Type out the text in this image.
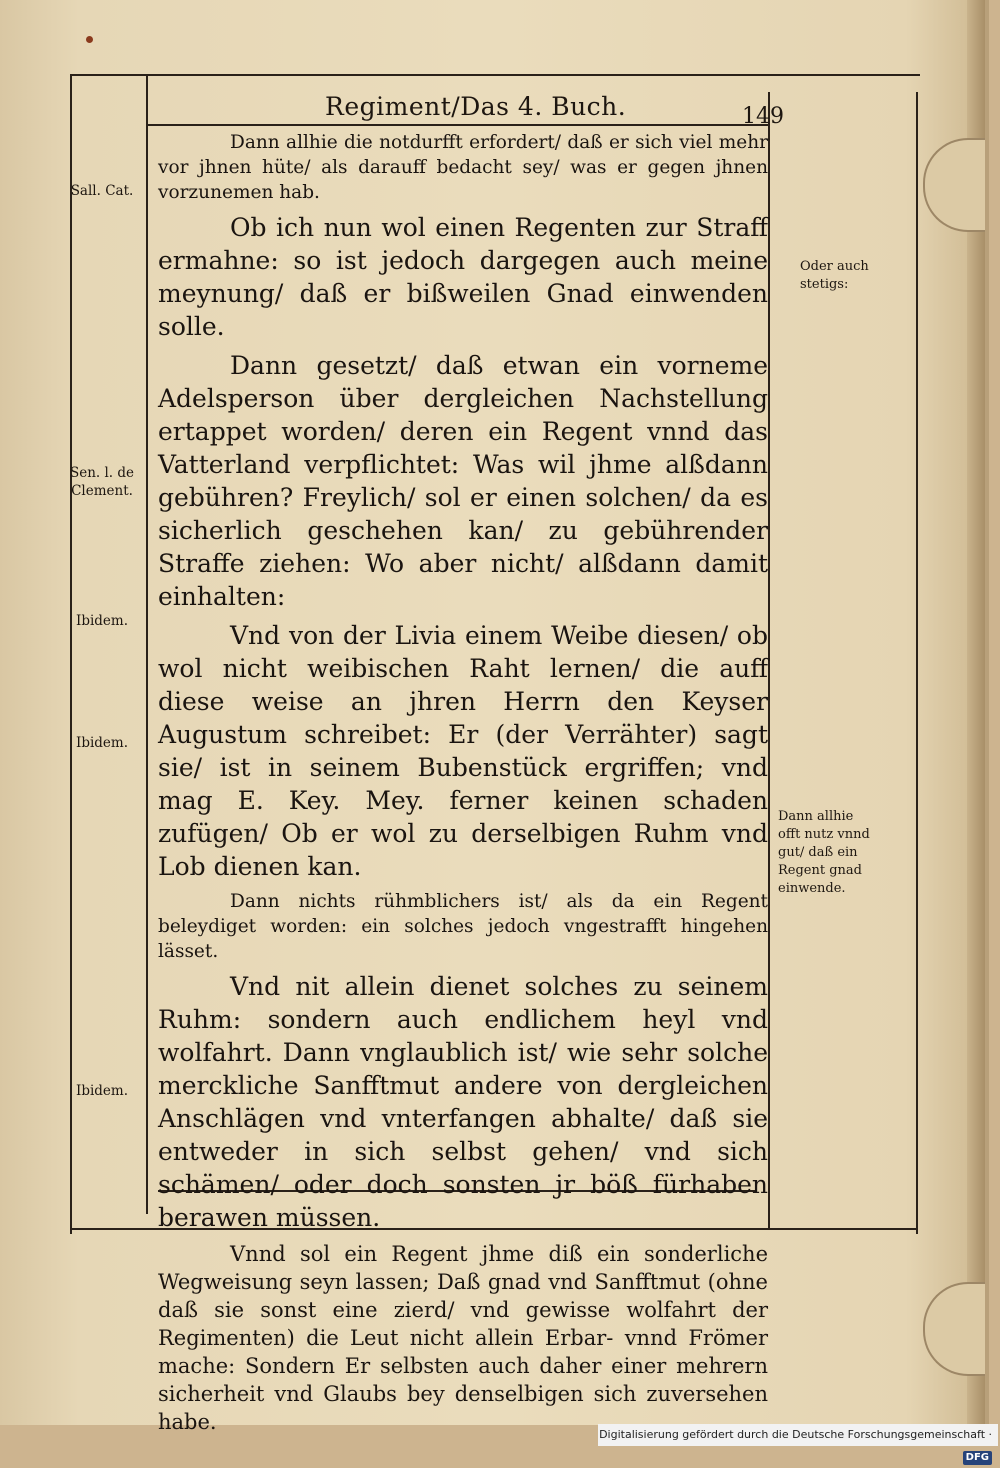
Regiment/Das 4. Buch.	149
Sall. Cat.
Sen. l. de Clement.
Ibidem.
Ibidem.
Ibidem.
Oder auch stetigs:
Dann allhie offt nutz vnnd gut/ daß ein Regent gnad einwende.

Dann allhie die notdurfft erfordert/ daß er sich viel mehr vor jhnen hüte/ als darauff bedacht sey/ was er gegen jhnen vorzunemen hab.

Ob ich nun wol einen Regenten zur Straff ermahne: so ist jedoch dargegen auch meine meynung/ daß er bißweilen Gnad einwenden solle.

Dann gesetzt/ daß etwan ein vorneme Adelsperson über dergleichen Nachstellung ertappet worden/ deren ein Regent vnnd das Vatterland verpflichtet: Was wil jhme alßdann gebühren? Freylich/ sol er einen solchen/ da es sicherlich geschehen kan/ zu gebührender Straffe ziehen: Wo aber nicht/ alßdann damit einhalten:

Vnd von der Livia einem Weibe diesen/ ob wol nicht weibischen Raht lernen/ die auff diese weise an jhren Herrn den Keyser Augustum schreibet: Er (der Verrähter) sagt sie/ ist in seinem Bubenstück ergriffen; vnd mag E. Key. Mey. ferner keinen schaden zufügen/ Ob er wol zu derselbigen Ruhm vnd Lob dienen kan.

Dann nichts rühmblichers ist/ als da ein Regent beleydiget worden: ein solches jedoch vngestrafft hingehen lässet.

Vnd nit allein dienet solches zu seinem Ruhm: sondern auch endlichem heyl vnd wolfahrt. Dann vnglaublich ist/ wie sehr solche merckliche Sanfftmut andere von dergleichen Anschlägen vnd vnterfangen abhalte/ daß sie entweder in sich selbst gehen/ vnd sich schämen/ oder doch sonsten jr böß fürhaben berawen müssen.

Vnnd sol ein Regent jhme diß ein sonderliche Wegweisung seyn lassen; Daß gnad vnd Sanfftmut (ohne daß sie sonst eine zierd/ vnd gewisse wolfahrt der Regimenten) die Leut nicht allein Erbar- vnnd Frömer mache: Sondern Er selbsten auch daher einer mehrern sicherheit vnd Glaubs bey denselbigen sich zuversehen habe.

Digitalisierung gefördert durch die Deutsche Forschungsgemeinschaft · DFG
